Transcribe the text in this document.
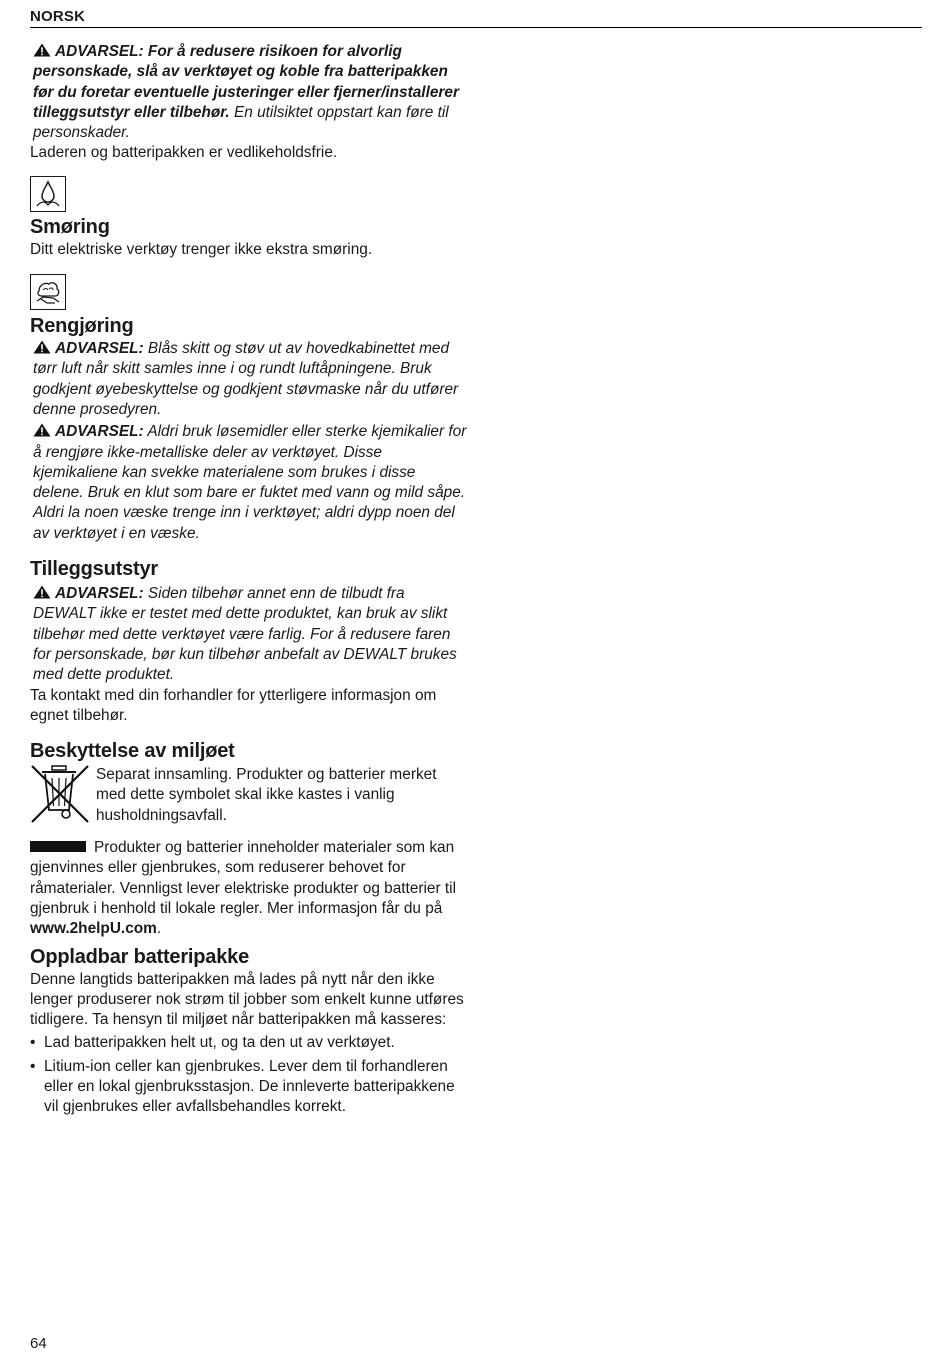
NORSK

ADVARSEL: For å redusere risikoen for alvorlig personskade, slå av verktøyet og koble fra batteripakken før du foretar eventuelle justeringer eller fjerner/installerer tilleggsutstyr eller tilbehør. En utilsiktet oppstart kan føre til personskader.

Laderen og batteripakken er vedlikeholdsfrie.

Smøring

Ditt elektriske verktøy trenger ikke ekstra smøring.

Rengjøring

ADVARSEL: Blås skitt og støv ut av hovedkabinettet med tørr luft når skitt samles inne i og rundt luftåpningene. Bruk godkjent øyebeskyttelse og godkjent støvmaske når du utfører denne prosedyren.

ADVARSEL: Aldri bruk løsemidler eller sterke kjemikalier for å rengjøre ikke-metalliske deler av verktøyet. Disse kjemikaliene kan svekke materialene som brukes i disse delene. Bruk en klut som bare er fuktet med vann og mild såpe. Aldri la noen væske trenge inn i verktøyet; aldri dypp noen del av verktøyet i en væske.

Tilleggsutstyr

ADVARSEL: Siden tilbehør annet enn de tilbudt fra DEWALT ikke er testet med dette produktet, kan bruk av slikt tilbehør med dette verktøyet være farlig. For å redusere faren for personskade, bør kun tilbehør anbefalt av DEWALT brukes med dette produktet.

Ta kontakt med din forhandler for ytterligere informasjon om egnet tilbehør.

Beskyttelse av miljøet

Separat innsamling. Produkter og batterier merket med dette symbolet skal ikke kastes i vanlig husholdningsavfall.

Produkter og batterier inneholder materialer som kan gjenvinnes eller gjenbrukes, som reduserer behovet for råmaterialer. Vennligst lever elektriske produkter og batterier til gjenbruk i henhold til lokale regler. Mer informasjon får du på www.2helpU.com.

Oppladbar batteripakke

Denne langtids batteripakken må lades på nytt når den ikke lenger produserer nok strøm til jobber som enkelt kunne utføres tidligere. Ta hensyn til miljøet når batteripakken må kasseres:

• Lad batteripakken helt ut, og ta den ut av verktøyet.
• Litium-ion celler kan gjenbrukes. Lever dem til forhandleren eller en lokal gjenbruksstasjon. De innleverte batteripakkene vil gjenbrukes eller avfallsbehandles korrekt.
64
